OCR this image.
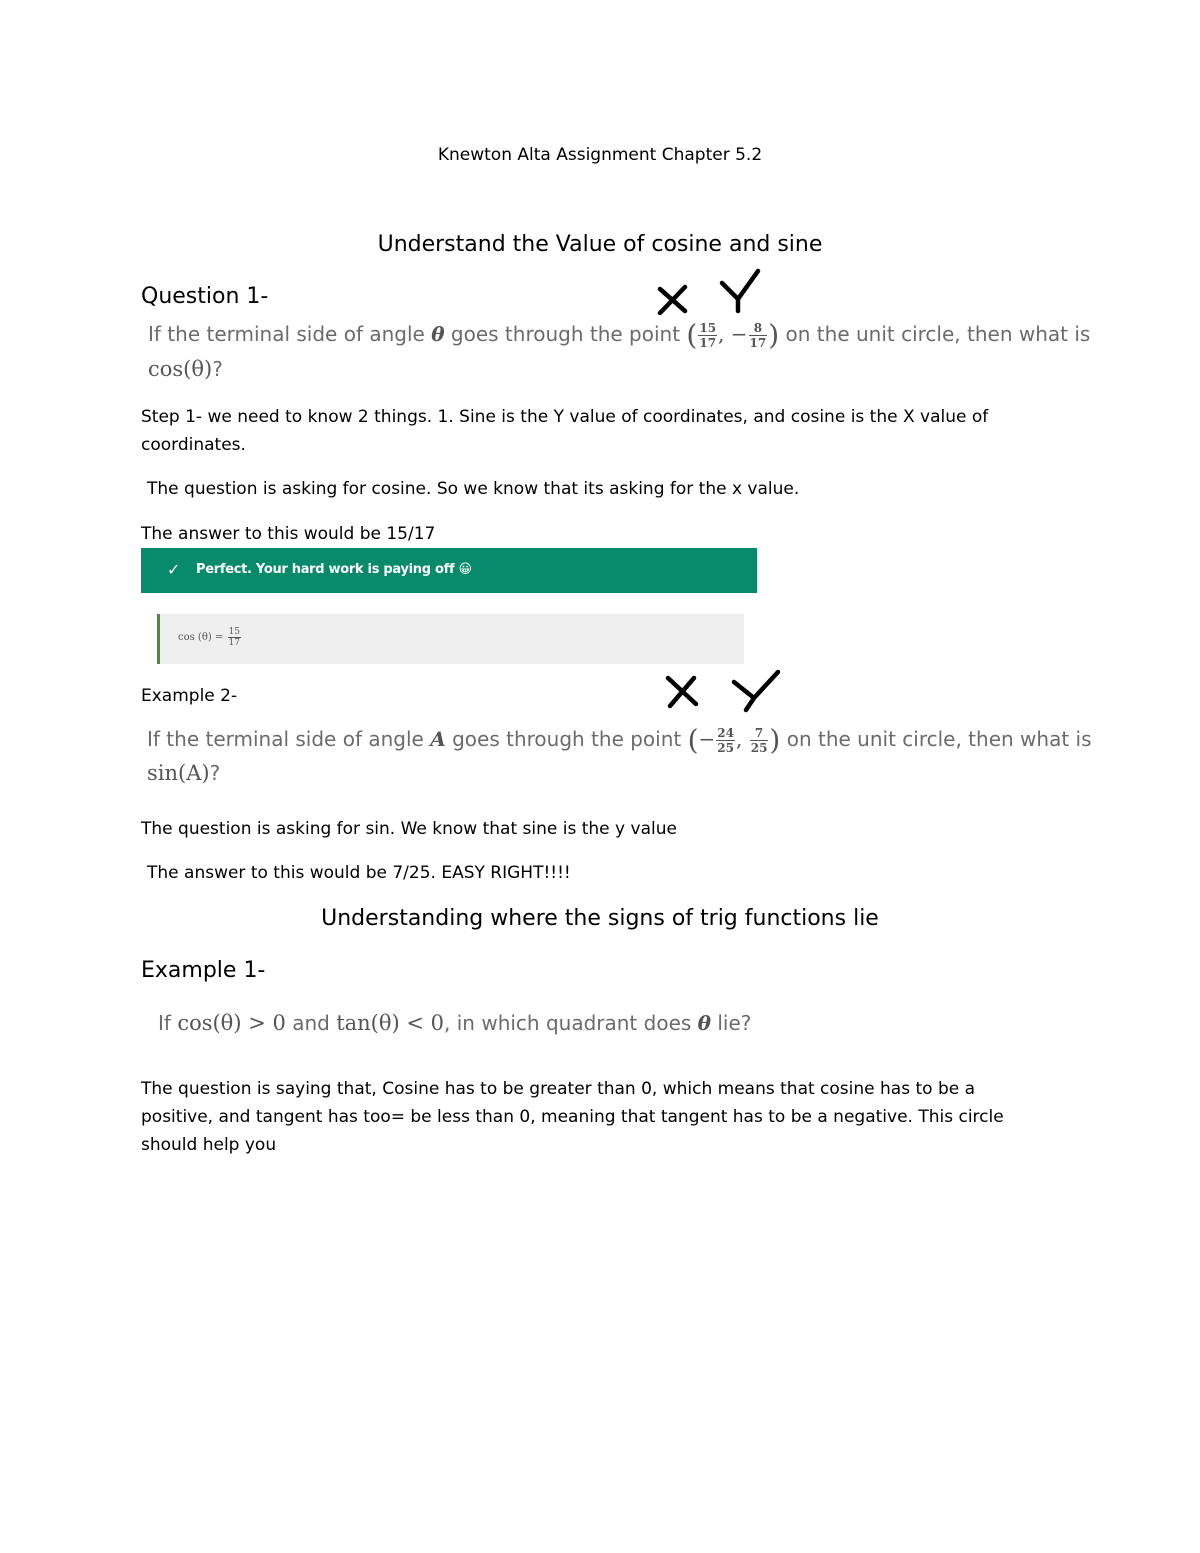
Knewton Alta Assignment Chapter 5.2
Understand the Value of cosine and sine
Question 1-
If the terminal side of angle θ goes through the point ( $\frac{15}{17}$ , − $\frac{8}{17}$ ) on the unit circle, then what is
cos(θ)?
Step 1- we need to know 2 things. 1. Sine is the Y value of coordinates, and cosine is the X value of coordinates.
The question is asking for cosine. So we know that its asking for the x value.
The answer to this would be 15/17
✓ Perfect. Your hard work is paying off 😀
$\cos (\theta) = \frac{15}{17}$
Example 2-
If the terminal side of angle A goes through the point (− $\frac{24}{25}$ , $\frac{7}{25}$ ) on the unit circle, then what is
sin(A)?
The question is asking for sin. We know that sine is the y value
The answer to this would be 7/25. EASY RIGHT!!!!
Understanding where the signs of trig functions lie
Example 1-
If cos(θ) > 0 and tan(θ) < 0, in which quadrant does θ lie?
The question is saying that, Cosine has to be greater than 0, which means that cosine has to be a positive, and tangent has too= be less than 0, meaning that tangent has to be a negative. This circle should help you
